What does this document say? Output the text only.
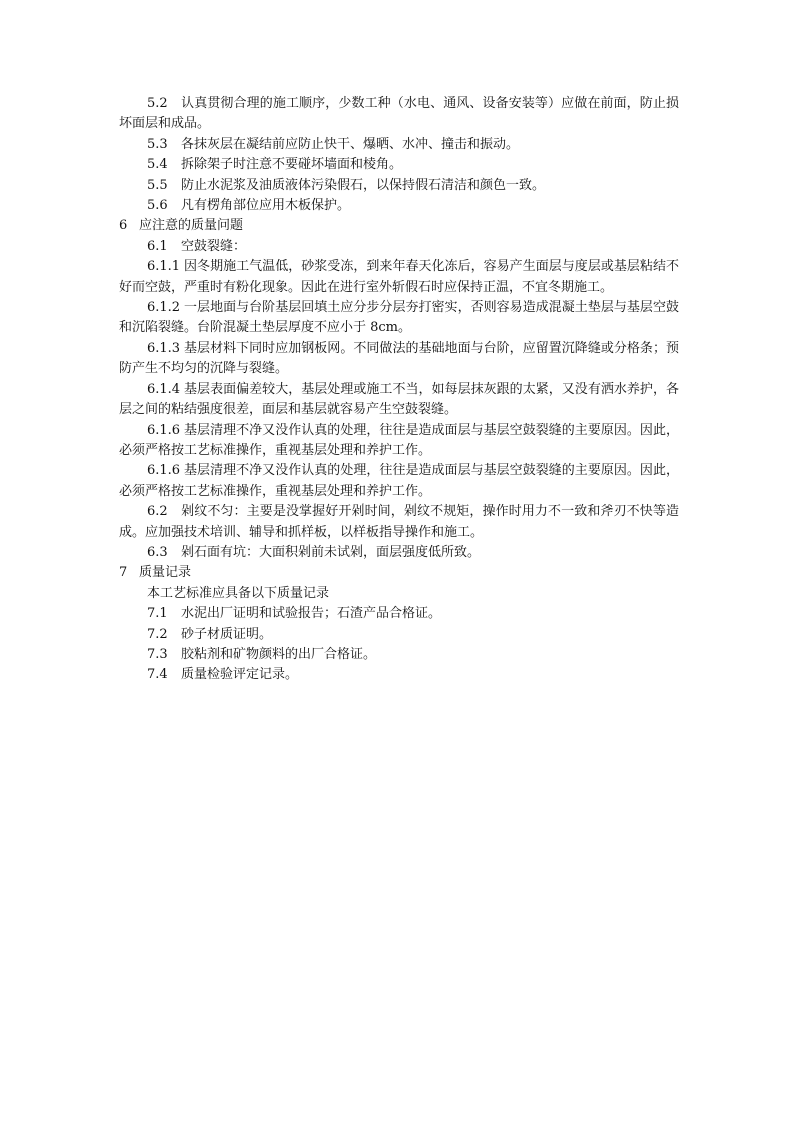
5.2 认真贯彻合理的施工顺序，少数工种（水电、通风、设备安装等）应做在前面，防止损坏面层和成品。

5.3 各抹灰层在凝结前应防止快干、爆晒、水冲、撞击和振动。

5.4 拆除架子时注意不要碰坏墙面和棱角。

5.5 防止水泥浆及油质液体污染假石，以保持假石清洁和颜色一致。

5.6 凡有楞角部位应用木板保护。

6 应注意的质量问题

6.1 空鼓裂缝：

6.1.1 因冬期施工气温低，砂浆受冻，到来年春天化冻后，容易产生面层与度层或基层粘结不好而空鼓，严重时有粉化现象。因此在进行室外斩假石时应保持正温，不宜冬期施工。

6.1.2 一层地面与台阶基层回填土应分步分层夯打密实，否则容易造成混凝土垫层与基层空鼓和沉陷裂缝。台阶混凝土垫层厚度不应小于 8cm。

6.1.3 基层材料下同时应加钢板网。不同做法的基础地面与台阶，应留置沉降缝或分格条；预防产生不均匀的沉降与裂缝。

6.1.4 基层表面偏差较大，基层处理或施工不当，如每层抹灰跟的太紧，又没有洒水养护，各层之间的粘结强度很差，面层和基层就容易产生空鼓裂缝。

6.1.6 基层清理不净又没作认真的处理，往往是造成面层与基层空鼓裂缝的主要原因。因此，必须严格按工艺标准操作，重视基层处理和养护工作。

6.1.6 基层清理不净又没作认真的处理，往往是造成面层与基层空鼓裂缝的主要原因。因此，必须严格按工艺标准操作，重视基层处理和养护工作。

6.2 剁纹不匀：主要是没掌握好开剁时间，剁纹不规矩，操作时用力不一致和斧刃不快等造成。应加强技术培训、辅导和抓样板，以样板指导操作和施工。

6.3 剁石面有坑：大面积剁前未试剁，面层强度低所致。

7 质量记录

本工艺标准应具备以下质量记录

7.1 水泥出厂证明和试验报告；石渣产品合格证。

7.2 砂子材质证明。

7.3 胶粘剂和矿物颜料的出厂合格证。

7.4 质量检验评定记录。
